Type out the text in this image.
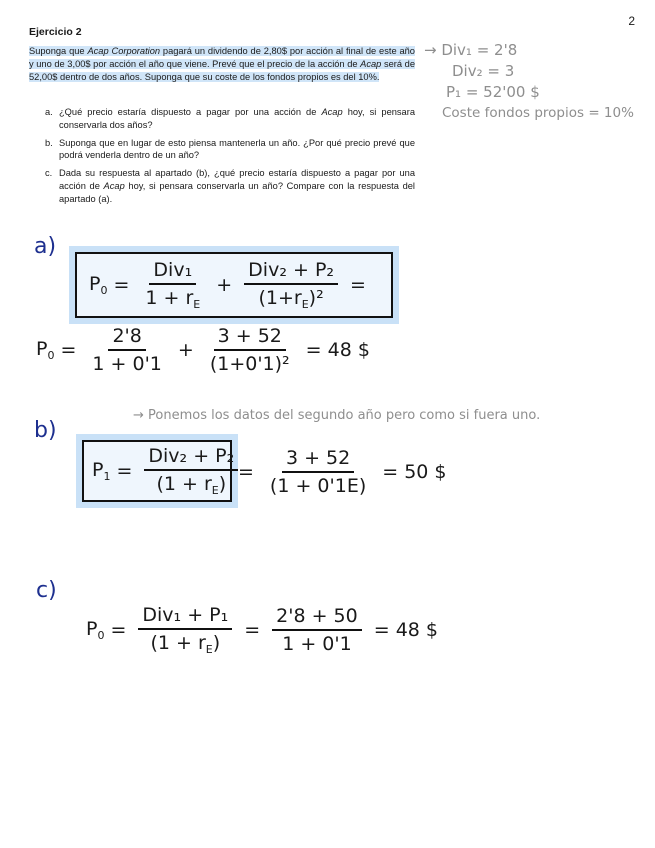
2
Ejercicio 2
Suponga que Acap Corporation pagará un dividendo de 2,80$ por acción al final de este año y uno de 3,00$ por acción el año que viene. Prevé que el precio de la acción de Acap será de 52,00$ dentro de dos años. Suponga que su coste de los fondos propios es del 10%.
a. ¿Qué precio estaría dispuesto a pagar por una acción de Acap hoy, si pensara conservarla dos años?
b. Suponga que en lugar de esto piensa mantenerla un año. ¿Por qué precio prevé que podrá venderla dentro de un año?
c. Dada su respuesta al apartado (b), ¿qué precio estaría dispuesto a pagar por una acción de Acap hoy, si pensara conservarla un año? Compare con la respuesta del apartado (a).
→ Div₁ = 2'8
Div₂ = 3
P₁ = 52'00 $
Coste fondos propios = 10%
a)
$P_0 = \frac{\text{Div₁}}{1 + r_E} + \frac{\text{Div₂ + P₂}}{(1+r_E)^2}$ =
$P_0 = \frac{2'8}{1 + 0'1} + \frac{3 + 52}{\text{(1+0'1)²}} = 48$ $
b)
→ Ponemos los datos del segundo año pero como si fuera uno.
$P_1 = \frac{\text{Div₂ + P₂}}{(1 + r_E)} = \frac{3 + 52}{(1 + 0'1E)} = 50$ $
c)
$P_0 = \frac{\text{Div₁ + P₁}}{(1 + r_E)} = \frac{2'8 + 50}{1 + 0'1} = 48$ $
